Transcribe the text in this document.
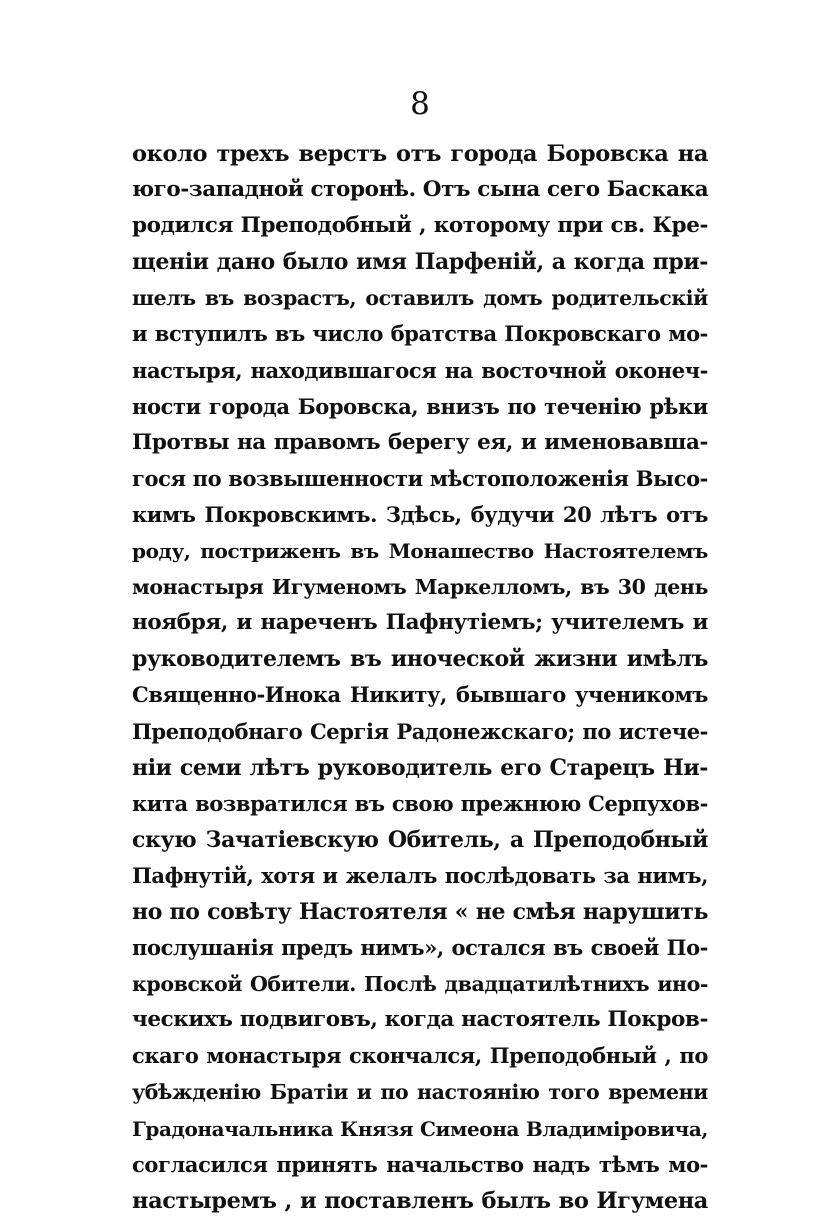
8
около трехъ верстъ отъ города Боровска на
юго-западной сторонѣ. Отъ сына сего Баскака
родился Преподобный , которому при св. Кре-
щеніи дано было имя Парфеній, а когда при-
шелъ въ возрастъ, оставилъ домъ родительскій
и вступилъ въ число братства Покровскаго мо-
настыря, находившагося на восточной оконеч-
ности города Боровска, внизъ по теченію рѣки
Протвы на правомъ берегу ея, и именовавша-
гося по возвышенности мѣстоположенія Высо-
кимъ Покровскимъ. Здѣсь, будучи 20 лѣтъ отъ
роду, постриженъ въ Монашество Настоятелемъ
монастыря Игуменомъ Маркелломъ, въ 30 день
ноября, и нареченъ Пафнутіемъ; учителемъ и
руководителемъ въ иноческой жизни имѣлъ
Священно-Инока Никиту, бывшаго ученикомъ
Преподобнаго Сергія Радонежскаго; по истече-
ніи семи лѣтъ руководитель его Старецъ Ни-
кита возвратился въ свою прежнюю Серпухов-
скую Зачатіевскую Обитель, а Преподобный
Пафнутій, хотя и желалъ послѣдовать за нимъ,
но по совѣту Настоятеля « не смѣя нарушить
послушанія предъ нимъ», остался въ своей По-
кровской Обители. Послѣ двадцатилѣтнихъ ино-
ческихъ подвиговъ, когда настоятель Покров-
скаго монастыря скончался, Преподобный , по
убѣжденію Братіи и по настоянію того времени
Градоначальника Князя Симеона Владиміровича,
согласился принять начальство надъ тѣмъ мо-
настыремъ , и поставленъ былъ во Игумена
